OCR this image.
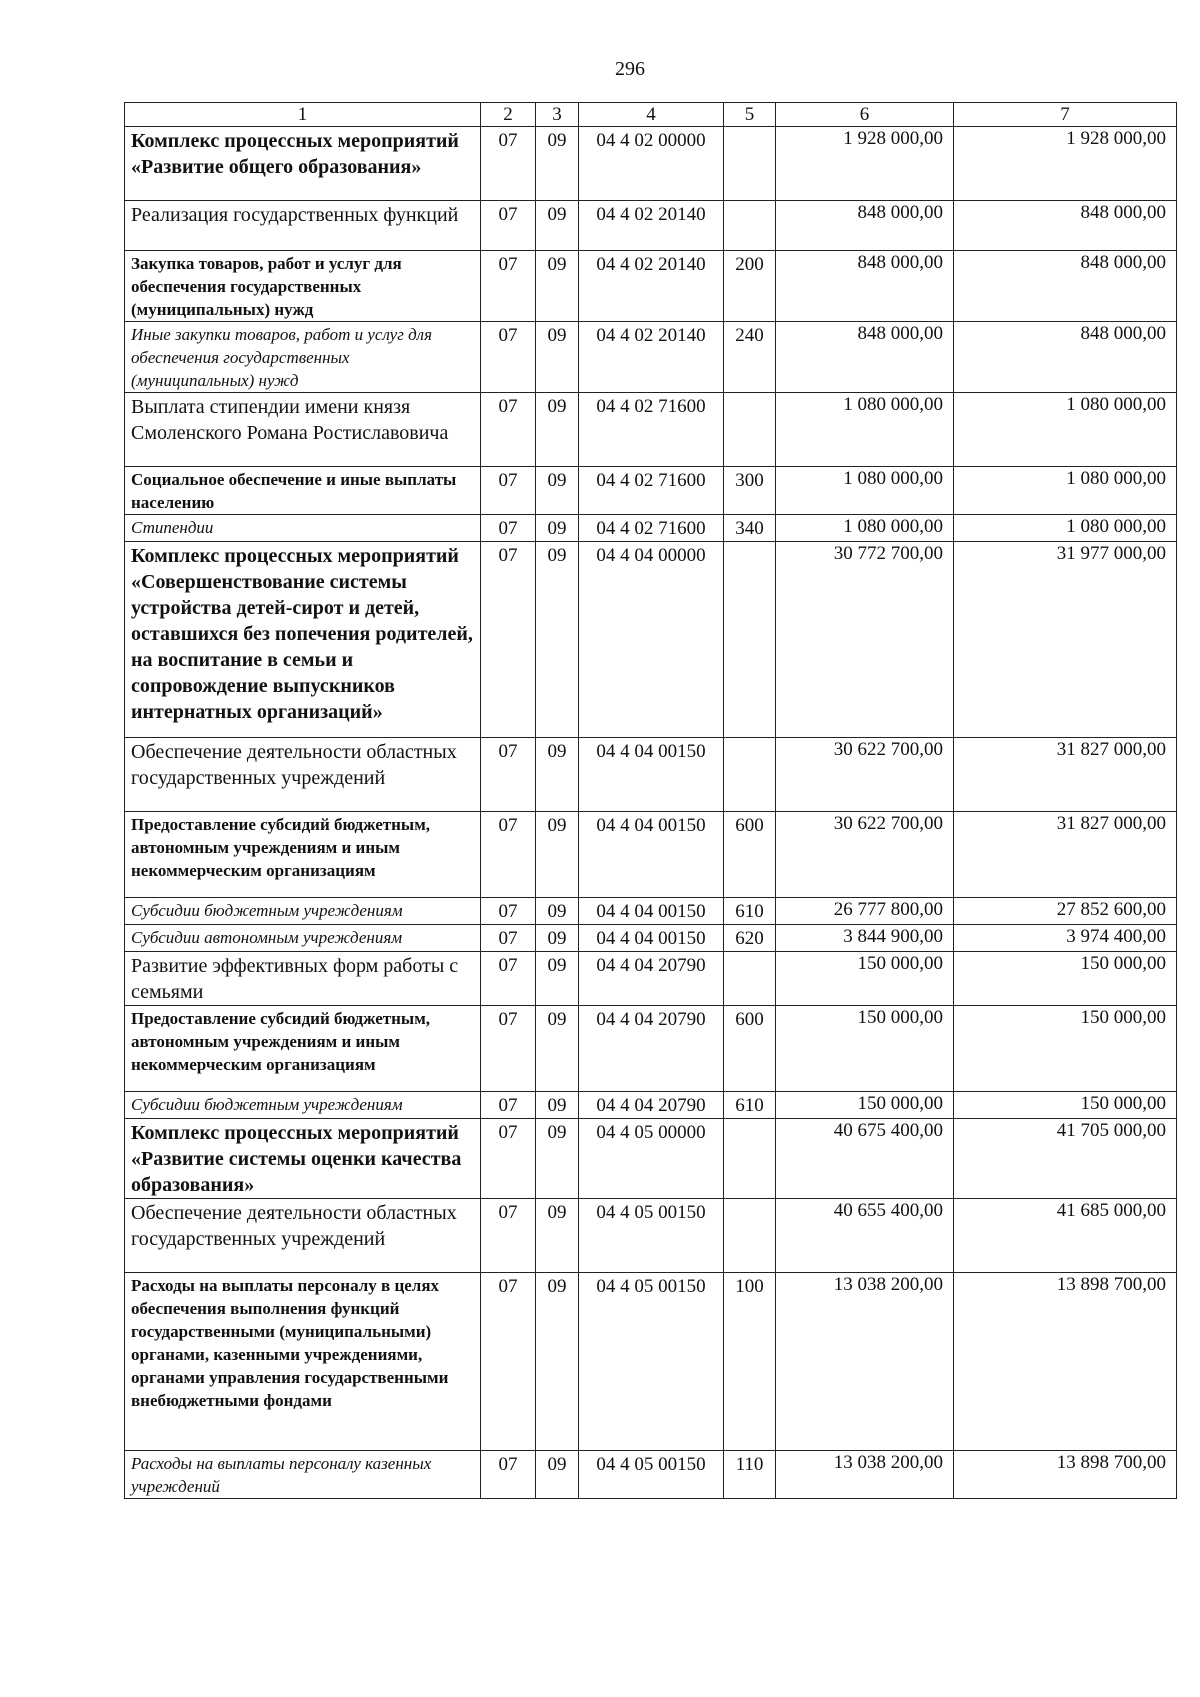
296
1	2	3	4	5	6	7
Комплекс процессных мероприятий «Развитие общего образования»	07	09	04 4 02 00000		1 928 000,00	1 928 000,00
Реализация государственных функций	07	09	04 4 02 20140		848 000,00	848 000,00
Закупка товаров, работ и услуг для обеспечения государственных (муниципальных) нужд	07	09	04 4 02 20140	200	848 000,00	848 000,00
Иные закупки товаров, работ и услуг для обеспечения государственных (муниципальных) нужд	07	09	04 4 02 20140	240	848 000,00	848 000,00
Выплата стипендии имени князя Смоленского Романа Ростиславовича	07	09	04 4 02 71600		1 080 000,00	1 080 000,00
Социальное обеспечение и иные выплаты населению	07	09	04 4 02 71600	300	1 080 000,00	1 080 000,00
Стипендии	07	09	04 4 02 71600	340	1 080 000,00	1 080 000,00
Комплекс процессных мероприятий «Совершенствование системы устройства детей-сирот и детей, оставшихся без попечения родителей, на воспитание в семьи и сопровождение выпускников интернатных организаций»	07	09	04 4 04 00000		30 772 700,00	31 977 000,00
Обеспечение деятельности областных государственных учреждений	07	09	04 4 04 00150		30 622 700,00	31 827 000,00
Предоставление субсидий бюджетным, автономным учреждениям и иным некоммерческим организациям	07	09	04 4 04 00150	600	30 622 700,00	31 827 000,00
Субсидии бюджетным учреждениям	07	09	04 4 04 00150	610	26 777 800,00	27 852 600,00
Субсидии автономным учреждениям	07	09	04 4 04 00150	620	3 844 900,00	3 974 400,00
Развитие эффективных форм работы с семьями	07	09	04 4 04 20790		150 000,00	150 000,00
Предоставление субсидий бюджетным, автономным учреждениям и иным некоммерческим организациям	07	09	04 4 04 20790	600	150 000,00	150 000,00
Субсидии бюджетным учреждениям	07	09	04 4 04 20790	610	150 000,00	150 000,00
Комплекс процессных мероприятий «Развитие системы оценки качества образования»	07	09	04 4 05 00000		40 675 400,00	41 705 000,00
Обеспечение деятельности областных государственных учреждений	07	09	04 4 05 00150		40 655 400,00	41 685 000,00
Расходы на выплаты персоналу в целях обеспечения выполнения функций государственными (муниципальными) органами, казенными учреждениями, органами управления государственными внебюджетными фондами	07	09	04 4 05 00150	100	13 038 200,00	13 898 700,00
Расходы на выплаты персоналу казенных учреждений	07	09	04 4 05 00150	110	13 038 200,00	13 898 700,00
